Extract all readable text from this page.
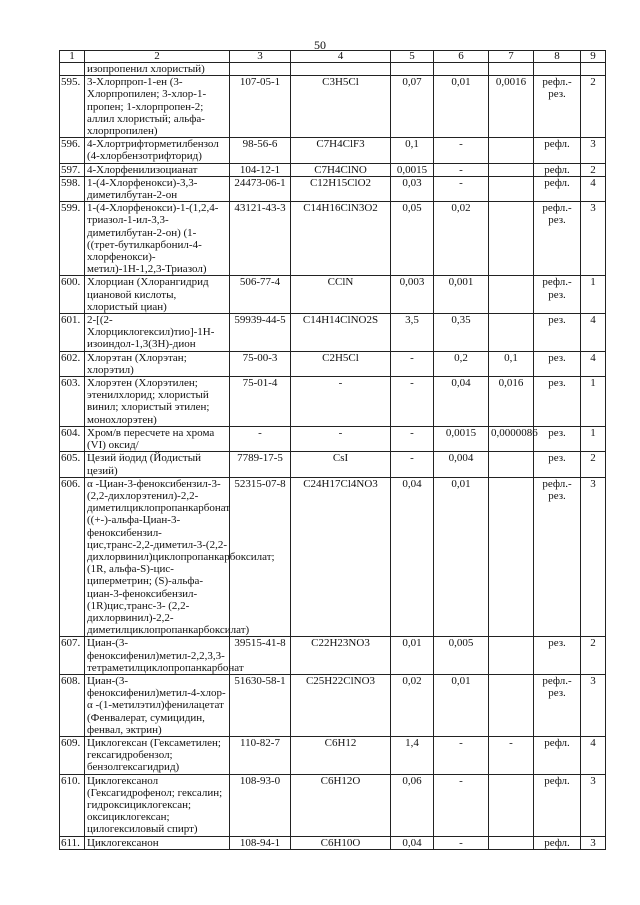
50
1	2	3	4	5	6	7	8	9
	изопропенил хлористый)							
595.	3-Хлорпроп-1-ен (3-Хлорпропилен; 3-хлор-1-пропен; 1-хлорпропен-2; аллил хлористый; альфа-хлорпропилен)	107-05-1	C3H5Cl	0,07	0,01	0,0016	рефл.-рез.	2
596.	4-Хлортрифторметилбензол (4-хлорбензотрифторид)	98-56-6	C7H4ClF3	0,1	-		рефл.	3
597.	4-Хлорфенилизоцианат	104-12-1	C7H4ClNO	0,0015	-		рефл.	2
598.	1-(4-Хлорфенокси)-3,3-диметилбутан-2-он	24473-06-1	C12H15ClO2	0,03	-		рефл.	4
599.	1-(4-Хлорфенокси)-1-(1,2,4-триазол-1-ил-3,3-диметилбутан-2-он) (1-((трет-бутилкарбонил-4-хлорфенокси)-метил)-1Н-1,2,3-Триазол)	43121-43-3	C14H16ClN3O2	0,05	0,02		рефл.-рез.	3
600.	Хлорциан (Хлорангидрид циановой кислоты, хлористый циан)	506-77-4	CClN	0,003	0,001		рефл.-рез.	1
601.	2-[(2-Хлорциклогексил)тио]-1Н-изоиндол-1,3(3Н)-дион	59939-44-5	C14H14ClNO2S	3,5	0,35		рез.	4
602.	Хлорэтан (Хлорэтан; хлорэтил)	75-00-3	C2H5Cl	-	0,2	0,1	рез.	4
603.	Хлорэтен (Хлорэтилен; этенилхлорид; хлористый винил; хлористый этилен; монохлорэтен)	75-01-4	-	-	0,04	0,016	рез.	1
604.	Хром/в пересчете на хрома (VI) оксид/	-	-	-	0,0015	0,0000086	рез.	1
605.	Цезий йодид (Йодистый цезий)	7789-17-5	CsI	-	0,004		рез.	2
606.	α -Циан-3-феноксибензил-3-(2,2-дихлорэтенил)-2,2-диметилциклопропанкарбонат ((+-)-альфа-Циан-3-феноксибензил-цис,транс-2,2-диметил-3-(2,2-дихлорвинил)циклопропанкарбоксилат; (1R, альфа-S)-цис-циперметрин; (S)-альфа-циан-3-феноксибензил-(1R)цис,транс-3- (2,2-дихлорвинил)-2,2-диметилциклопропанкарбоксилат)	52315-07-8	C24H17Cl4NO3	0,04	0,01		рефл.-рез.	3
607.	Циан-(3-феноксифенил)метил-2,2,3,3-тетраметилциклопропанкарбонат	39515-41-8	C22H23NO3	0,01	0,005		рез.	2
608.	Циан-(3-феноксифенил)метил-4-хлор- α -(1-метилэтил)фенилацетат (Фенвалерат, сумицидин, фенвал, эктрин)	51630-58-1	C25H22ClNO3	0,02	0,01		рефл.-рез.	3
609.	Циклогексан (Гексаметилен; гексагидробензол; бензолгексагидрид)	110-82-7	C6H12	1,4	-	-	рефл.	4
610.	Циклогексанол (Гексагидрофенол; гексалин; гидроксициклогексан; оксициклогексан; цилогексиловый спирт)	108-93-0	C6H12O	0,06	-		рефл.	3
611.	Циклогексанон	108-94-1	C6H10O	0,04	-		рефл.	3
